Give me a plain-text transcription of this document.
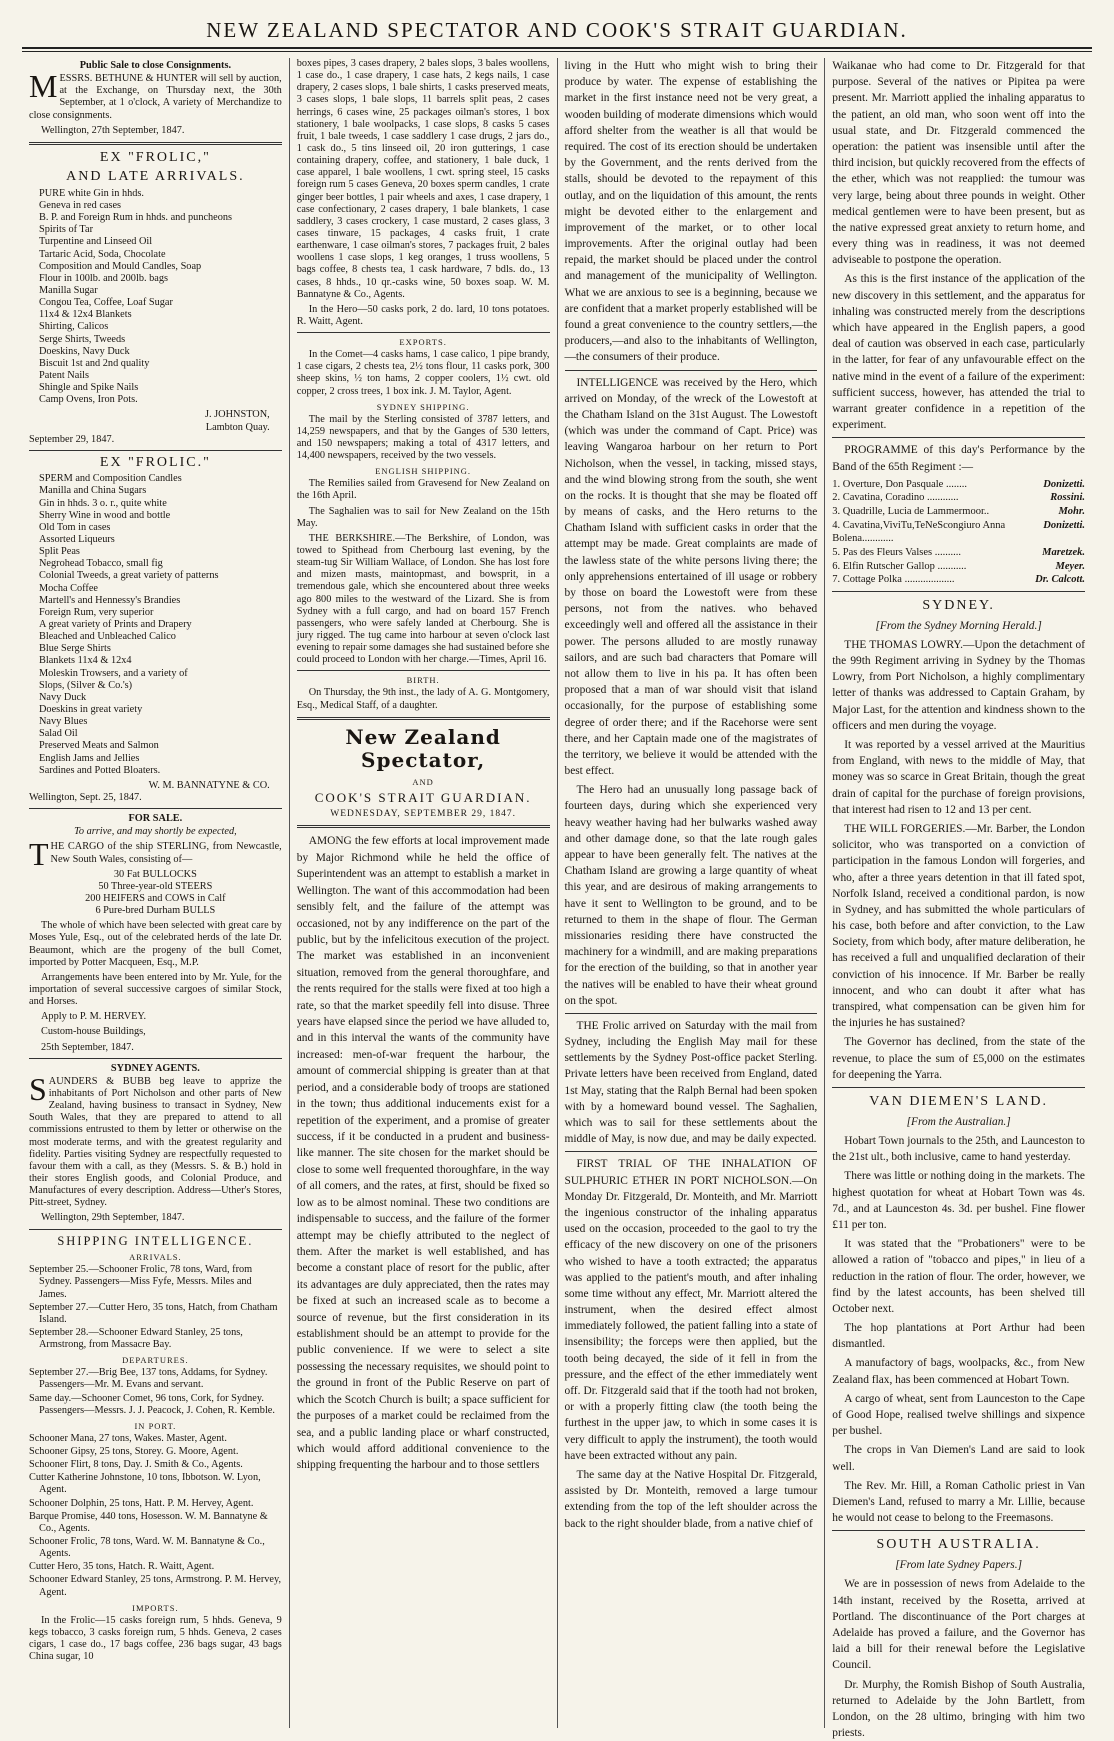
NEW ZEALAND SPECTATOR AND COOK'S STRAIT GUARDIAN.
Public Sale to close Consignments.

MESSRS. BETHUNE & HUNTER will sell by auction, at the Exchange, on Thursday next, the 30th September, at 1 o'clock, A variety of Merchandize to close consignments.

Wellington, 27th September, 1847.

EX "FROLIC,"
AND LATE ARRIVALS.
PURE white Gin in hhds.
Geneva in red cases
B. P. and Foreign Rum in hhds. and puncheons
Spirits of Tar
Turpentine and Linseed Oil
Tartaric Acid, Soda, Chocolate
Composition and Mould Candles, Soap
Flour in 100lb. and 200lb. bags
Manilla Sugar
Congou Tea, Coffee, Loaf Sugar
11x4 & 12x4 Blankets
Shirting, Calicos
Serge Shirts, Tweeds
Doeskins, Navy Duck
Biscuit 1st and 2nd quality
Patent Nails
Shingle and Spike Nails
Camp Ovens, Iron Pots.
J. JOHNSTON,
Lambton Quay.

September 29, 1847.

EX "FROLIC."
SPERM and Composition Candles
Manilla and China Sugars
Gin in hhds. 3 o. r., quite white
Sherry Wine in wood and bottle
Old Tom in cases
Assorted Liqueurs
Split Peas
Negrohead Tobacco, small fig
Colonial Tweeds, a great variety of patterns
Mocha Coffee
Martell's and Hennessy's Brandies
Foreign Rum, very superior
A great variety of Prints and Drapery
Bleached and Unbleached Calico
Blue Serge Shirts
Blankets 11x4 & 12x4
Moleskin Trowsers, and a variety of
Slops, (Silver & Co.'s)
Navy Duck
Doeskins in great variety
Navy Blues
Salad Oil
Preserved Meats and Salmon
English Jams and Jellies
Sardines and Potted Bloaters.
W. M. BANNATYNE & CO.

Wellington, Sept. 25, 1847.

FOR SALE.
To arrive, and may shortly be expected,

THE CARGO of the ship STERLING, from Newcastle, New South Wales, consisting of—

30 Fat BULLOCKS
50 Three-year-old STEERS
200 HEIFERS and COWS in Calf
6 Pure-bred Durham BULLS

The whole of which have been selected with great care by Moses Yule, Esq., out of the celebrated herds of the late Dr. Beaumont, which are the progeny of the bull Comet, imported by Potter Macqueen, Esq., M.P.

Arrangements have been entered into by Mr. Yule, for the importation of several successive cargoes of similar Stock, and Horses.

Apply to P. M. HERVEY.

Custom-house Buildings,

25th September, 1847.

SYDNEY AGENTS.

SAUNDERS & BUBB beg leave to apprize the inhabitants of Port Nicholson and other parts of New Zealand, having business to transact in Sydney, New South Wales, that they are prepared to attend to all commissions entrusted to them by letter or otherwise on the most moderate terms, and with the greatest regularity and fidelity. Parties visiting Sydney are respectfully requested to favour them with a call, as they (Messrs. S. & B.) hold in their stores English goods, and Colonial Produce, and Manufactures of every description. Address—Uther's Stores, Pitt-street, Sydney.

Wellington, 29th September, 1847.

SHIPPING INTELLIGENCE.
ARRIVALS.

September 25.—Schooner Frolic, 78 tons, Ward, from Sydney. Passengers—Miss Fyfe, Messrs. Miles and James.

September 27.—Cutter Hero, 35 tons, Hatch, from Chatham Island.

September 28.—Schooner Edward Stanley, 25 tons, Armstrong, from Massacre Bay.

DEPARTURES.

September 27.—Brig Bee, 137 tons, Addams, for Sydney. Passengers—Mr. M. Evans and servant.

Same day.—Schooner Comet, 96 tons, Cork, for Sydney. Passengers—Messrs. J. J. Peacock, J. Cohen, R. Kemble.

IN PORT.

Schooner Mana, 27 tons, Wakes. Master, Agent.

Schooner Gipsy, 25 tons, Storey. G. Moore, Agent.

Schooner Flirt, 8 tons, Day. J. Smith & Co., Agents.

Cutter Katherine Johnstone, 10 tons, Ibbotson. W. Lyon, Agent.

Schooner Dolphin, 25 tons, Hatt. P. M. Hervey, Agent.

Barque Promise, 440 tons, Hosesson. W. M. Bannatyne & Co., Agents.

Schooner Frolic, 78 tons, Ward. W. M. Bannatyne & Co., Agents.

Cutter Hero, 35 tons, Hatch. R. Waitt, Agent.

Schooner Edward Stanley, 25 tons, Armstrong. P. M. Hervey, Agent.

IMPORTS.

In the Frolic—15 casks foreign rum, 5 hhds. Geneva, 9 kegs tobacco, 3 casks foreign rum, 5 hhds. Geneva, 2 cases cigars, 1 case do., 17 bags coffee, 236 bags sugar, 43 bags China sugar, 10

boxes pipes, 3 cases drapery, 2 bales slops, 3 bales woollens, 1 case do., 1 case drapery, 1 case hats, 2 kegs nails, 1 case drapery, 2 cases slops, 1 bale shirts, 1 casks preserved meats, 3 cases slops, 1 bale slops, 11 barrels split peas, 2 cases herrings, 6 cases wine, 25 packages oilman's stores, 1 box stationery, 1 bale woolpacks, 1 case slops, 8 casks 5 cases fruit, 1 bale tweeds, 1 case saddlery 1 case drugs, 2 jars do., 1 cask do., 5 tins linseed oil, 20 iron gutterings, 1 case containing drapery, coffee, and stationery, 1 bale duck, 1 case apparel, 1 bale woollens, 1 cwt. spring steel, 15 casks foreign rum 5 cases Geneva, 20 boxes sperm candles, 1 crate ginger beer bottles, 1 pair wheels and axes, 1 case drapery, 1 case confectionary, 2 cases drapery, 1 bale blankets, 1 case saddlery, 3 cases crockery, 1 case mustard, 2 cases glass, 3 cases tinware, 15 packages, 4 casks fruit, 1 crate earthenware, 1 case oilman's stores, 7 packages fruit, 2 bales woollens 1 case slops, 1 keg oranges, 1 truss woollens, 5 bags coffee, 8 chests tea, 1 cask hardware, 7 bdls. do., 13 cases, 8 hhds., 10 qr.-casks wine, 50 boxes soap. W. M. Bannatyne & Co., Agents.

In the Hero—50 casks pork, 2 do. lard, 10 tons potatoes. R. Waitt, Agent.

EXPORTS.

In the Comet—4 casks hams, 1 case calico, 1 pipe brandy, 1 case cigars, 2 chests tea, 2½ tons flour, 11 casks pork, 300 sheep skins, ½ ton hams, 2 copper coolers, 1½ cwt. old copper, 2 cross trees, 1 box ink. J. M. Taylor, Agent.

SYDNEY SHIPPING.

The mail by the Sterling consisted of 3787 letters, and 14,259 newspapers, and that by the Ganges of 530 letters, and 150 newspapers; making a total of 4317 letters, and 14,400 newspapers, received by the two vessels.

ENGLISH SHIPPING.

The Remilies sailed from Gravesend for New Zealand on the 16th April.

The Saghalien was to sail for New Zealand on the 15th May.

THE BERKSHIRE.—The Berkshire, of London, was towed to Spithead from Cherbourg last evening, by the steam-tug Sir William Wallace, of London. She has lost fore and mizen masts, maintopmast, and bowsprit, in a tremendous gale, which she encountered about three weeks ago 800 miles to the westward of the Lizard. She is from Sydney with a full cargo, and had on board 157 French passengers, who were safely landed at Cherbourg. She is jury rigged. The tug came into harbour at seven o'clock last evening to repair some damages she had sustained before she could proceed to London with her charge.—Times, April 16.

BIRTH.

On Thursday, the 9th inst., the lady of A. G. Montgomery, Esq., Medical Staff, of a daughter.

New Zealand Spectator,
AND
COOK'S STRAIT GUARDIAN.
WEDNESDAY, SEPTEMBER 29, 1847.

AMONG the few efforts at local improvement made by Major Richmond while he held the office of Superintendent was an attempt to establish a market in Wellington. The want of this accommodation had been sensibly felt, and the failure of the attempt was occasioned, not by any indifference on the part of the public, but by the infelicitous execution of the project. The market was established in an inconvenient situation, removed from the general thoroughfare, and the rents required for the stalls were fixed at too high a rate, so that the market speedily fell into disuse. Three years have elapsed since the period we have alluded to, and in this interval the wants of the community have increased: men-of-war frequent the harbour, the amount of commercial shipping is greater than at that period, and a considerable body of troops are stationed in the town; thus additional inducements exist for a repetition of the experiment, and a promise of greater success, if it be conducted in a prudent and business-like manner. The site chosen for the market should be close to some well frequented thoroughfare, in the way of all comers, and the rates, at first, should be fixed so low as to be almost nominal. These two conditions are indispensable to success, and the failure of the former attempt may be chiefly attributed to the neglect of them. After the market is well established, and has become a constant place of resort for the public, after its advantages are duly appreciated, then the rates may be fixed at such an increased scale as to become a source of revenue, but the first consideration in its establishment should be an attempt to provide for the public convenience. If we were to select a site possessing the necessary requisites, we should point to the ground in front of the Public Reserve on part of which the Scotch Church is built; a space sufficient for the purposes of a market could be reclaimed from the sea, and a public landing place or wharf constructed, which would afford additional convenience to the shipping frequenting the harbour and to those settlers

living in the Hutt who might wish to bring their produce by water. The expense of establishing the market in the first instance need not be very great, a wooden building of moderate dimensions which would afford shelter from the weather is all that would be required. The cost of its erection should be undertaken by the Government, and the rents derived from the stalls, should be devoted to the repayment of this outlay, and on the liquidation of this amount, the rents might be devoted either to the enlargement and improvement of the market, or to other local improvements. After the original outlay had been repaid, the market should be placed under the control and management of the municipality of Wellington. What we are anxious to see is a beginning, because we are confident that a market properly established will be found a great convenience to the country settlers,—the producers,—and also to the inhabitants of Wellington,—the consumers of their produce.

INTELLIGENCE was received by the Hero, which arrived on Monday, of the wreck of the Lowestoft at the Chatham Island on the 31st August. The Lowestoft (which was under the command of Capt. Price) was leaving Wangaroa harbour on her return to Port Nicholson, when the vessel, in tacking, missed stays, and the wind blowing strong from the south, she went on the rocks. It is thought that she may be floated off by means of casks, and the Hero returns to the Chatham Island with sufficient casks in order that the attempt may be made. Great complaints are made of the lawless state of the white persons living there; the only apprehensions entertained of ill usage or robbery by those on board the Lowestoft were from these persons, not from the natives. who behaved exceedingly well and offered all the assistance in their power. The persons alluded to are mostly runaway sailors, and are such bad characters that Pomare will not allow them to live in his pa. It has often been proposed that a man of war should visit that island occasionally, for the purpose of establishing some degree of order there; and if the Racehorse were sent there, and her Captain made one of the magistrates of the territory, we believe it would be attended with the best effect.

The Hero had an unusually long passage back of fourteen days, during which she experienced very heavy weather having had her bulwarks washed away and other damage done, so that the late rough gales appear to have been generally felt. The natives at the Chatham Island are growing a large quantity of wheat this year, and are desirous of making arrangements to have it sent to Wellington to be ground, and to be returned to them in the shape of flour. The German missionaries residing there have constructed the machinery for a windmill, and are making preparations for the erection of the building, so that in another year the natives will be enabled to have their wheat ground on the spot.

THE Frolic arrived on Saturday with the mail from Sydney, including the English May mail for these settlements by the Sydney Post-office packet Sterling. Private letters have been received from England, dated 1st May, stating that the Ralph Bernal had been spoken with by a homeward bound vessel. The Saghalien, which was to sail for these settlements about the middle of May, is now due, and may be daily expected.

FIRST TRIAL OF THE INHALATION OF SULPHURIC ETHER IN PORT NICHOLSON.—On Monday Dr. Fitzgerald, Dr. Monteith, and Mr. Marriott the ingenious constructor of the inhaling apparatus used on the occasion, proceeded to the gaol to try the efficacy of the new discovery on one of the prisoners who wished to have a tooth extracted; the apparatus was applied to the patient's mouth, and after inhaling some time without any effect, Mr. Marriott altered the instrument, when the desired effect almost immediately followed, the patient falling into a state of insensibility; the forceps were then applied, but the tooth being decayed, the side of it fell in from the pressure, and the effect of the ether immediately went off. Dr. Fitzgerald said that if the tooth had not broken, or with a properly fitting claw (the tooth being the furthest in the upper jaw, to which in some cases it is very difficult to apply the instrument), the tooth would have been extracted without any pain.

The same day at the Native Hospital Dr. Fitzgerald, assisted by Dr. Monteith, removed a large tumour extending from the top of the left shoulder across the back to the right shoulder blade, from a native chief of

Waikanae who had come to Dr. Fitzgerald for that purpose. Several of the natives or Pipitea pa were present. Mr. Marriott applied the inhaling apparatus to the patient, an old man, who soon went off into the usual state, and Dr. Fitzgerald commenced the operation: the patient was insensible until after the third incision, but quickly recovered from the effects of the ether, which was not reapplied: the tumour was very large, being about three pounds in weight. Other medical gentlemen were to have been present, but as the native expressed great anxiety to return home, and every thing was in readiness, it was not deemed adviseable to postpone the operation.

As this is the first instance of the application of the new discovery in this settlement, and the apparatus for inhaling was constructed merely from the descriptions which have appeared in the English papers, a good deal of caution was observed in each case, particularly in the latter, for fear of any unfavourable effect on the native mind in the event of a failure of the experiment: sufficient success, however, has attended the trial to warrant greater confidence in a repetition of the experiment.

PROGRAMME of this day's Performance by the Band of the 65th Regiment :—

1. Overture, Don Pasquale ........	Donizetti.
2. Cavatina, Coradino ............	Rossini.
3. Quadrille, Lucia de Lammermoor..	Mohr.
4. Cavatina,ViviTu,TeNeScongiuro Anna Bolena............
Donizetti.
5. Pas des Fleurs Valses ..........	Maretzek.
6. Elfin Rutscher Gallop ...........	Meyer.
7. Cottage Polka ...................	Dr. Calcott.
SYDNEY.
[From the Sydney Morning Herald.]

THE THOMAS LOWRY.—Upon the detachment of the 99th Regiment arriving in Sydney by the Thomas Lowry, from Port Nicholson, a highly complimentary letter of thanks was addressed to Captain Graham, by Major Last, for the attention and kindness shown to the officers and men during the voyage.

It was reported by a vessel arrived at the Mauritius from England, with news to the middle of May, that money was so scarce in Great Britain, though the great drain of capital for the purchase of foreign provisions, that interest had risen to 12 and 13 per cent.

THE WILL FORGERIES.—Mr. Barber, the London solicitor, who was transported on a conviction of participation in the famous London will forgeries, and who, after a three years detention in that ill fated spot, Norfolk Island, received a conditional pardon, is now in Sydney, and has submitted the whole particulars of his case, both before and after conviction, to the Law Society, from which body, after mature deliberation, he has received a full and unqualified declaration of their conviction of his innocence. If Mr. Barber be really innocent, and who can doubt it after what has transpired, what compensation can be given him for the injuries he has sustained?

The Governor has declined, from the state of the revenue, to place the sum of £5,000 on the estimates for deepening the Yarra.

VAN DIEMEN'S LAND.
[From the Australian.]

Hobart Town journals to the 25th, and Launceston to the 21st ult., both inclusive, came to hand yesterday.

There was little or nothing doing in the markets. The highest quotation for wheat at Hobart Town was 4s. 7d., and at Launceston 4s. 3d. per bushel. Fine flower £11 per ton.

It was stated that the "Probationers" were to be allowed a ration of "tobacco and pipes," in lieu of a reduction in the ration of flour. The order, however, we find by the latest accounts, has been shelved till October next.

The hop plantations at Port Arthur had been dismantled.

A manufactory of bags, woolpacks, &c., from New Zealand flax, has been commenced at Hobart Town.

A cargo of wheat, sent from Launceston to the Cape of Good Hope, realised twelve shillings and sixpence per bushel.

The crops in Van Diemen's Land are said to look well.

The Rev. Mr. Hill, a Roman Catholic priest in Van Diemen's Land, refused to marry a Mr. Lillie, because he would not cease to belong to the Freemasons.

SOUTH AUSTRALIA.
[From late Sydney Papers.]

We are in possession of news from Adelaide to the 14th instant, received by the Rosetta, arrived at Portland. The discontinuance of the Port charges at Adelaide has proved a failure, and the Governor has laid a bill for their renewal before the Legislative Council.

Dr. Murphy, the Romish Bishop of South Australia, returned to Adelaide by the John Bartlett, from London, on the 28 ultimo, bringing with him two priests.
